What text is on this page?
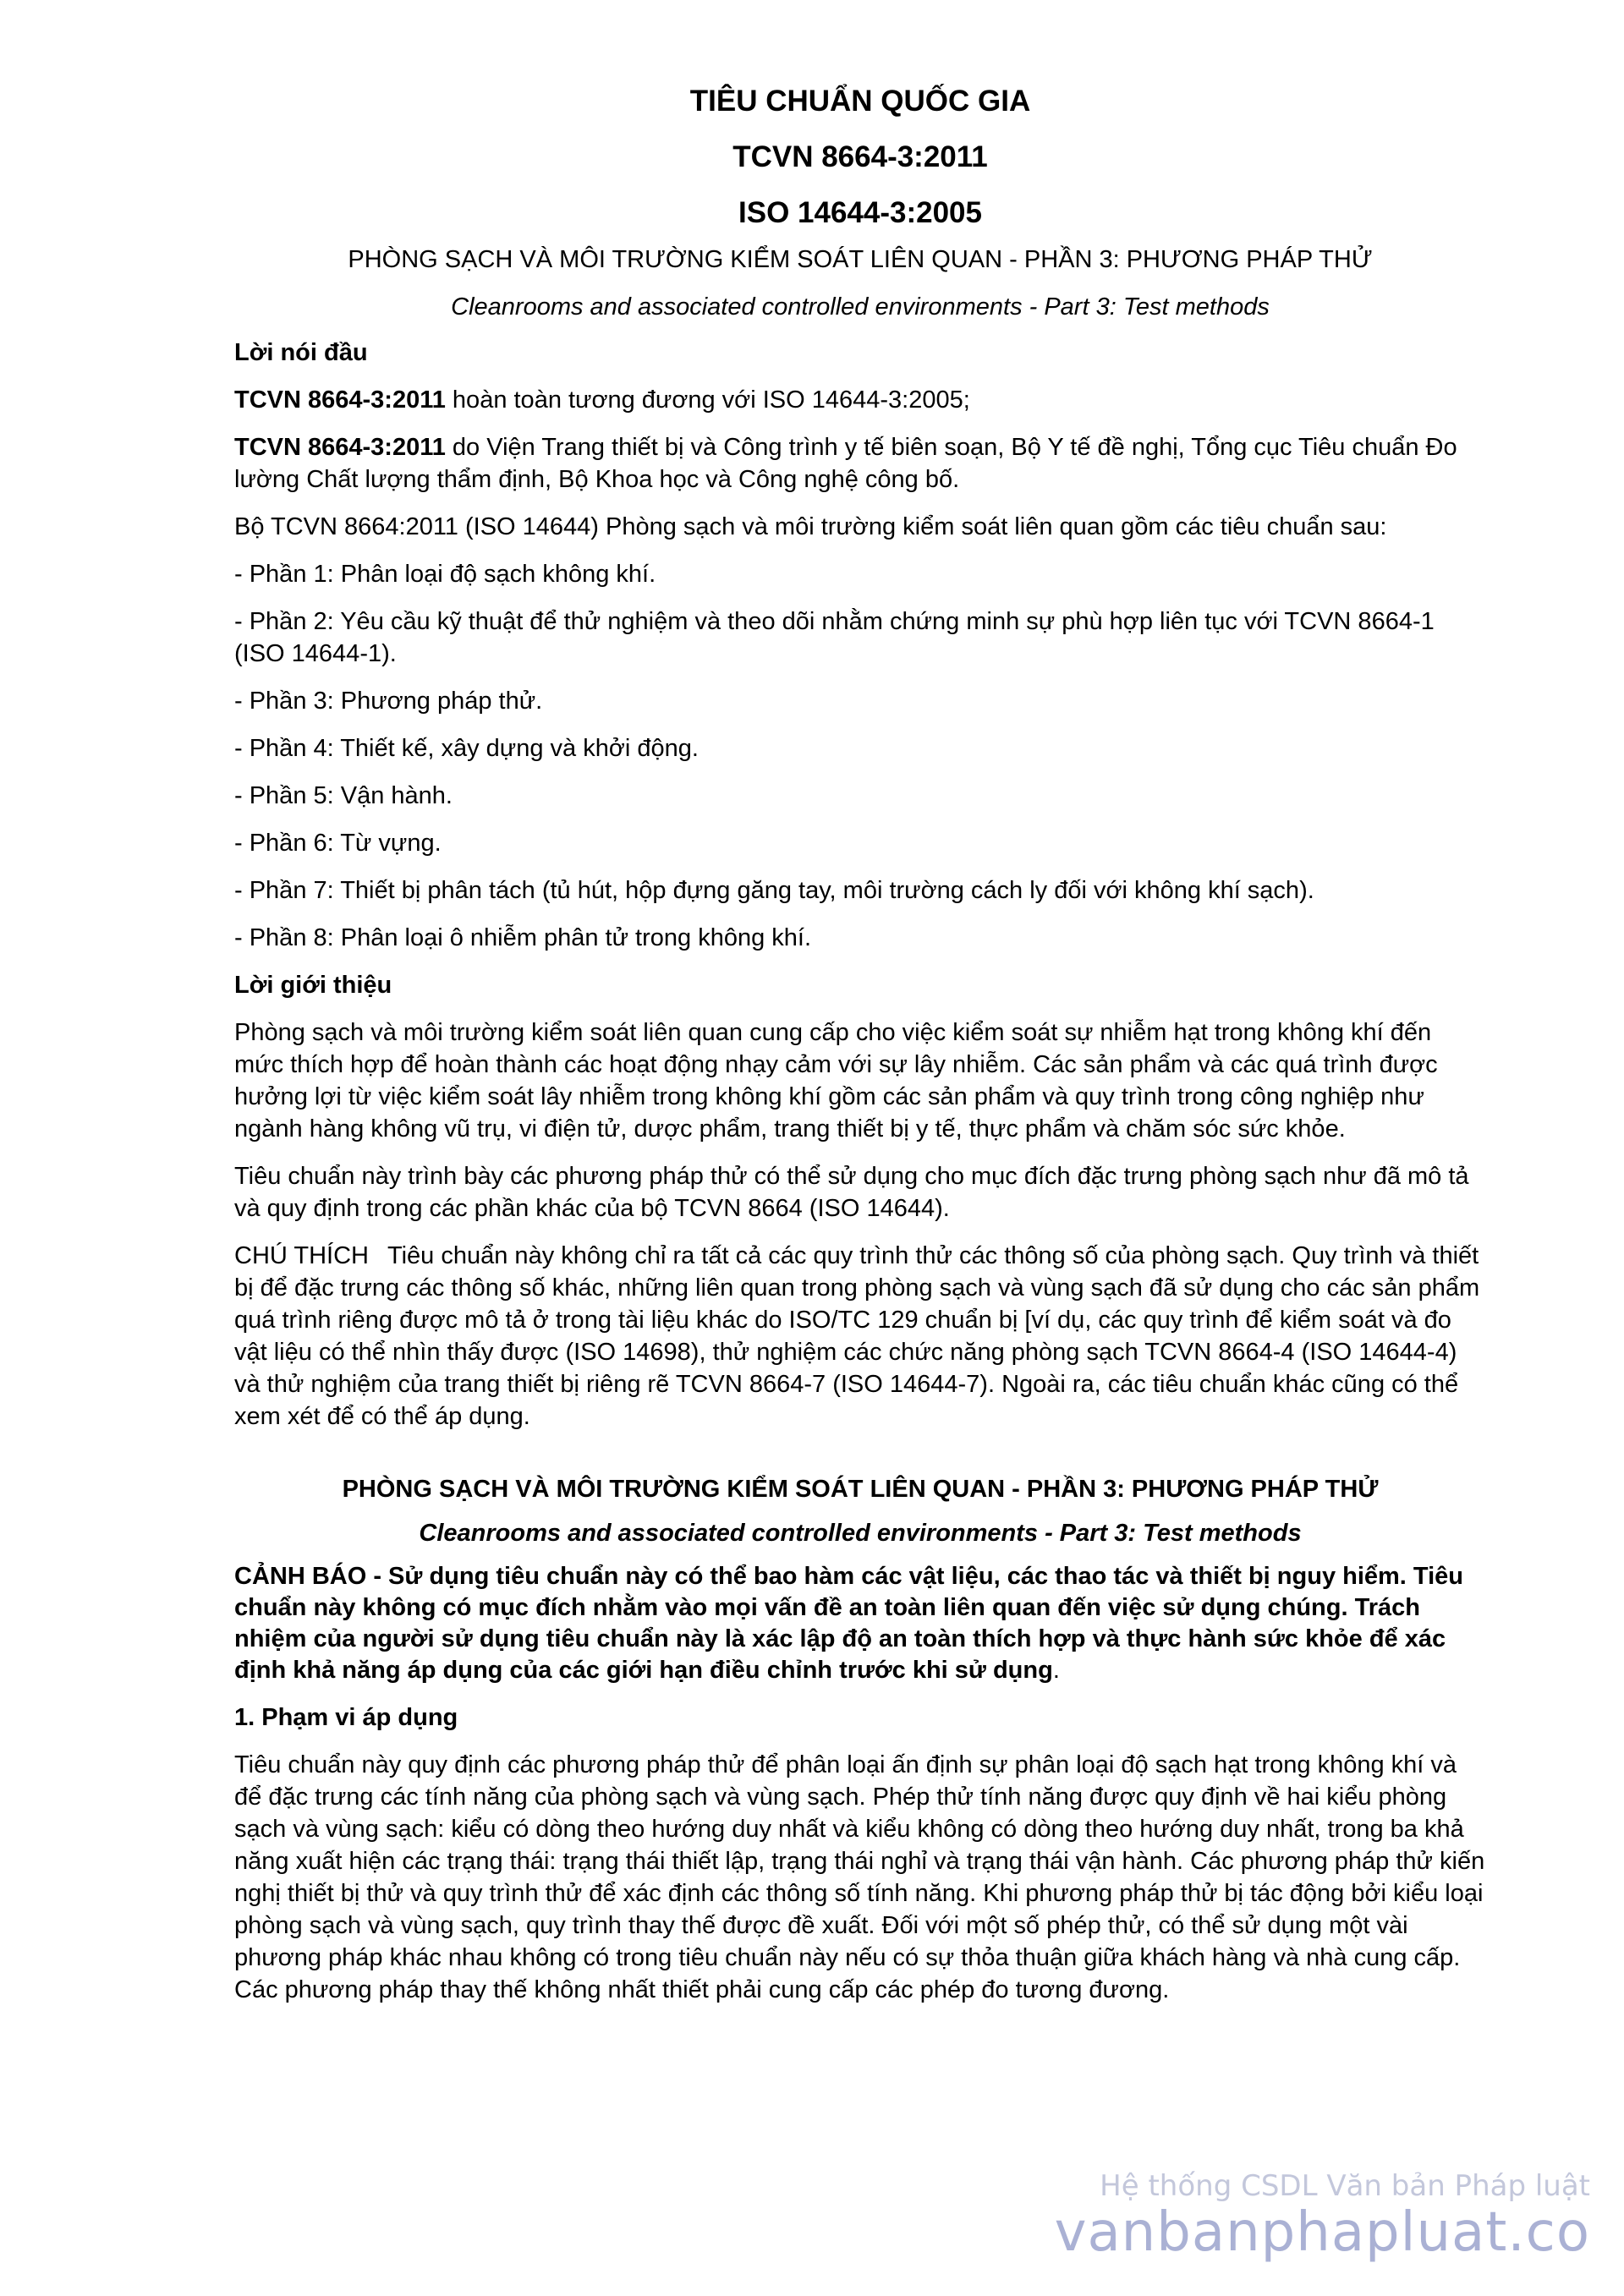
TIÊU CHUẨN QUỐC GIA
TCVN 8664-3:2011
ISO 14644-3:2005
PHÒNG SẠCH VÀ MÔI TRƯỜNG KIỂM SOÁT LIÊN QUAN - PHẦN 3: PHƯƠNG PHÁP THỬ
Cleanrooms and associated controlled environments - Part 3: Test methods
Lời nói đầu

TCVN 8664-3:2011 hoàn toàn tương đương với ISO 14644-3:2005;

TCVN 8664-3:2011 do Viện Trang thiết bị và Công trình y tế biên soạn, Bộ Y tế đề nghị, Tổng cục Tiêu chuẩn Đo lường Chất lượng thẩm định, Bộ Khoa học và Công nghệ công bố.

Bộ TCVN 8664:2011 (ISO 14644) Phòng sạch và môi trường kiểm soát liên quan gồm các tiêu chuẩn sau:

- Phần 1: Phân loại độ sạch không khí.

- Phần 2: Yêu cầu kỹ thuật để thử nghiệm và theo dõi nhằm chứng minh sự phù hợp liên tục với TCVN 8664-1 (ISO 14644-1).

- Phần 3: Phương pháp thử.

- Phần 4: Thiết kế, xây dựng và khởi động.

- Phần 5: Vận hành.

- Phần 6: Từ vựng.

- Phần 7: Thiết bị phân tách (tủ hút, hộp đựng găng tay, môi trường cách ly đối với không khí sạch).

- Phần 8: Phân loại ô nhiễm phân tử trong không khí.

Lời giới thiệu

Phòng sạch và môi trường kiểm soát liên quan cung cấp cho việc kiểm soát sự nhiễm hạt trong không khí đến mức thích hợp để hoàn thành các hoạt động nhạy cảm với sự lây nhiễm. Các sản phẩm và các quá trình được hưởng lợi từ việc kiểm soát lây nhiễm trong không khí gồm các sản phẩm và quy trình trong công nghiệp như ngành hàng không vũ trụ, vi điện tử, dược phẩm, trang thiết bị y tế, thực phẩm và chăm sóc sức khỏe.

Tiêu chuẩn này trình bày các phương pháp thử có thể sử dụng cho mục đích đặc trưng phòng sạch như đã mô tả và quy định trong các phần khác của bộ TCVN 8664 (ISO 14644).

CHÚ THÍCH Tiêu chuẩn này không chỉ ra tất cả các quy trình thử các thông số của phòng sạch. Quy trình và thiết bị để đặc trưng các thông số khác, những liên quan trong phòng sạch và vùng sạch đã sử dụng cho các sản phẩm quá trình riêng được mô tả ở trong tài liệu khác do ISO/TC 129 chuẩn bị [ví dụ, các quy trình để kiểm soát và đo vật liệu có thể nhìn thấy được (ISO 14698), thử nghiệm các chức năng phòng sạch TCVN 8664-4 (ISO 14644-4) và thử nghiệm của trang thiết bị riêng rẽ TCVN 8664-7 (ISO 14644-7). Ngoài ra, các tiêu chuẩn khác cũng có thể xem xét để có thể áp dụng.

PHÒNG SẠCH VÀ MÔI TRƯỜNG KIỂM SOÁT LIÊN QUAN - PHẦN 3: PHƯƠNG PHÁP THỬ
Cleanrooms and associated controlled environments - Part 3: Test methods

CẢNH BÁO - Sử dụng tiêu chuẩn này có thể bao hàm các vật liệu, các thao tác và thiết bị nguy hiểm. Tiêu chuẩn này không có mục đích nhằm vào mọi vấn đề an toàn liên quan đến việc sử dụng chúng. Trách nhiệm của người sử dụng tiêu chuẩn này là xác lập độ an toàn thích hợp và thực hành sức khỏe để xác định khả năng áp dụng của các giới hạn điều chỉnh trước khi sử dụng.

1. Phạm vi áp dụng

Tiêu chuẩn này quy định các phương pháp thử để phân loại ấn định sự phân loại độ sạch hạt trong không khí và để đặc trưng các tính năng của phòng sạch và vùng sạch. Phép thử tính năng được quy định về hai kiểu phòng sạch và vùng sạch: kiểu có dòng theo hướng duy nhất và kiểu không có dòng theo hướng duy nhất, trong ba khả năng xuất hiện các trạng thái: trạng thái thiết lập, trạng thái nghỉ và trạng thái vận hành. Các phương pháp thử kiến nghị thiết bị thử và quy trình thử để xác định các thông số tính năng. Khi phương pháp thử bị tác động bởi kiểu loại phòng sạch và vùng sạch, quy trình thay thế được đề xuất. Đối với một số phép thử, có thể sử dụng một vài phương pháp khác nhau không có trong tiêu chuẩn này nếu có sự thỏa thuận giữa khách hàng và nhà cung cấp. Các phương pháp thay thế không nhất thiết phải cung cấp các phép đo tương đương.

Hệ thống CSDL Văn bản Pháp luật
vanbanphapluat.co
